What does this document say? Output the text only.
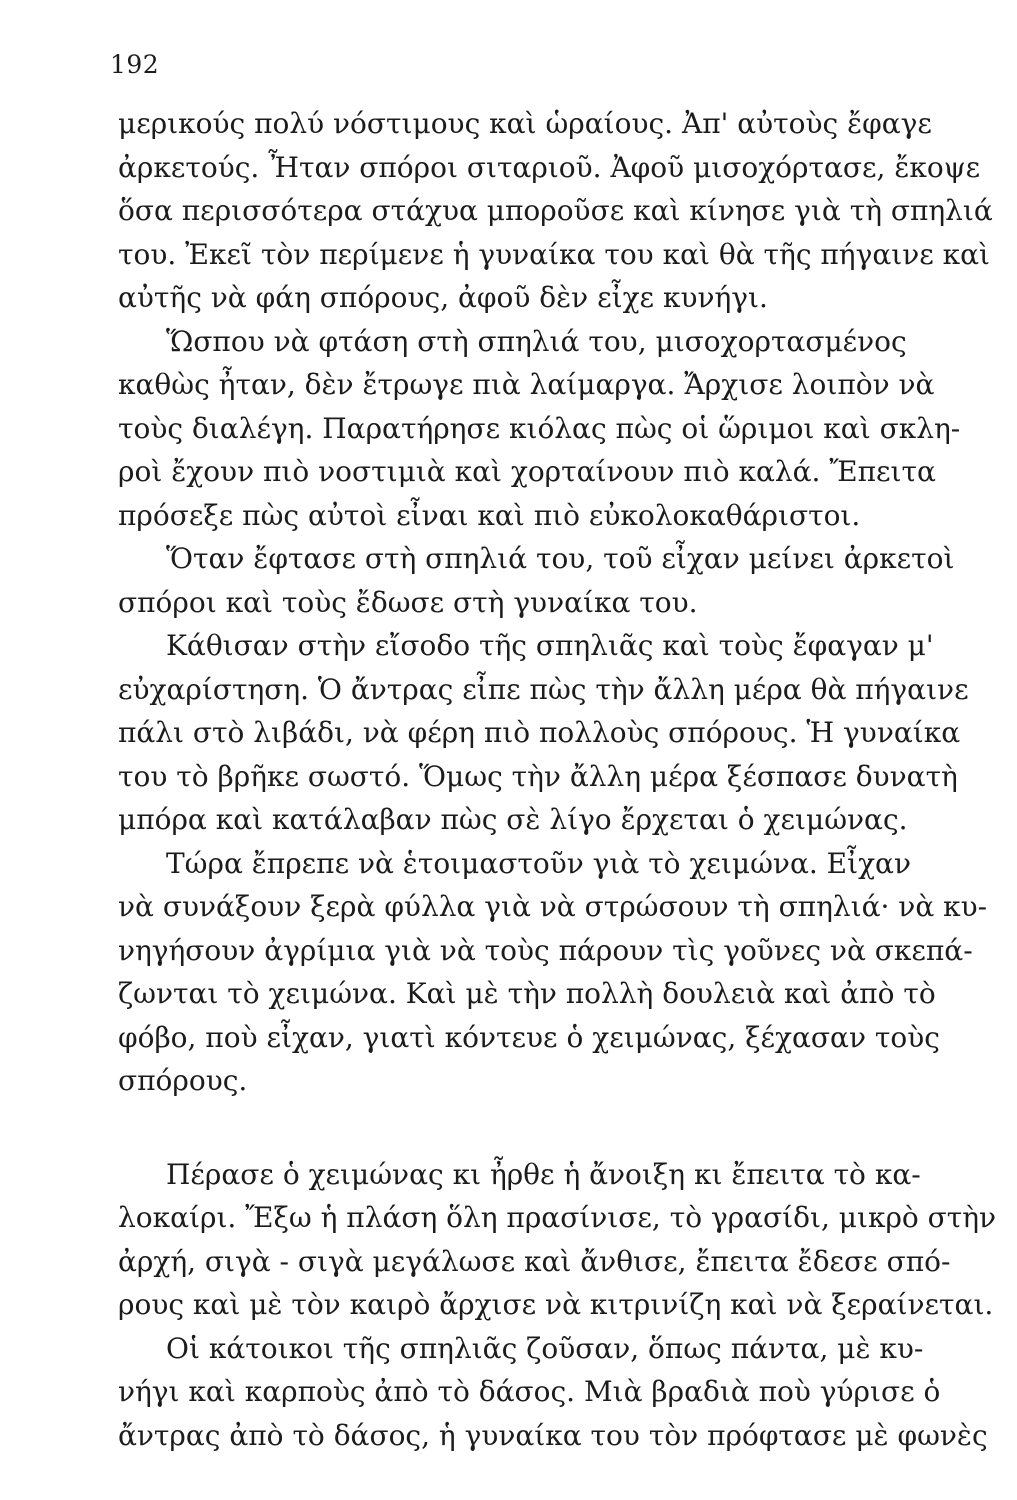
192
μερικούς πολύ νόστιμους καὶ ὡραίους. Ἀπ' αὐτοὺς ἔφαγε
ἀρκετούς. Ἦταν σπόροι σιταριοῦ. Ἀφοῦ μισοχόρτασε, ἔκοψε
ὅσα περισσότερα στάχυα μποροῦσε καὶ κίνησε γιὰ τὴ σπηλιά
του. Ἐκεῖ τὸν περίμενε ἡ γυναίκα του καὶ θὰ τῆς πήγαινε καὶ
αὐτῆς νὰ φάη σπόρους, ἀφοῦ δὲν εἶχε κυνήγι.
Ὥσπου νὰ φτάση στὴ σπηλιά του, μισοχορτασμένος
καθὼς ἦταν, δὲν ἔτρωγε πιὰ λαίμαργα. Ἄρχισε λοιπὸν νὰ
τοὺς διαλέγη. Παρατήρησε κιόλας πὼς οἱ ὥριμοι καὶ σκλη-
ροὶ ἔχουν πιὸ νοστιμιὰ καὶ χορταίνουν πιὸ καλά. Ἔπειτα
πρόσεξε πὼς αὐτοὶ εἶναι καὶ πιὸ εὐκολοκαθάριστοι.
Ὅταν ἔφτασε στὴ σπηλιά του, τοῦ εἶχαν μείνει ἀρκετοὶ
σπόροι καὶ τοὺς ἔδωσε στὴ γυναίκα του.
Κάθισαν στὴν εἴσοδο τῆς σπηλιᾶς καὶ τοὺς ἔφαγαν μ'
εὐχαρίστηση. Ὁ ἄντρας εἶπε πὼς τὴν ἄλλη μέρα θὰ πήγαινε
πάλι στὸ λιβάδι, νὰ φέρη πιὸ πολλοὺς σπόρους. Ἡ γυναίκα
του τὸ βρῆκε σωστό. Ὅμως τὴν ἄλλη μέρα ξέσπασε δυνατὴ
μπόρα καὶ κατάλαβαν πὼς σὲ λίγο ἔρχεται ὁ χειμώνας.
Τώρα ἔπρεπε νὰ ἑτοιμαστοῦν γιὰ τὸ χειμώνα. Εἶχαν
νὰ συνάξουν ξερὰ φύλλα γιὰ νὰ στρώσουν τὴ σπηλιά· νὰ κυ-
νηγήσουν ἀγρίμια γιὰ νὰ τοὺς πάρουν τὶς γοῦνες νὰ σκεπά-
ζωνται τὸ χειμώνα. Καὶ μὲ τὴν πολλὴ δουλειὰ καὶ ἀπὸ τὸ
φόβο, ποὺ εἶχαν, γιατὶ κόντευε ὁ χειμώνας, ξέχασαν τοὺς
σπόρους.
Πέρασε ὁ χειμώνας κι ἦρθε ἡ ἄνοιξη κι ἔπειτα τὸ κα-
λοκαίρι. Ἔξω ἡ πλάση ὅλη πρασίνισε, τὸ γρασίδι, μικρὸ στὴν
ἀρχή, σιγὰ - σιγὰ μεγάλωσε καὶ ἄνθισε, ἔπειτα ἔδεσε σπό-
ρους καὶ μὲ τὸν καιρὸ ἄρχισε νὰ κιτρινίζη καὶ νὰ ξεραίνεται.
Οἱ κάτοικοι τῆς σπηλιᾶς ζοῦσαν, ὅπως πάντα, μὲ κυ-
νήγι καὶ καρποὺς ἀπὸ τὸ δάσος. Μιὰ βραδιὰ ποὺ γύρισε ὁ
ἄντρας ἀπὸ τὸ δάσος, ἡ γυναίκα του τὸν πρόφτασε μὲ φωνὲς
